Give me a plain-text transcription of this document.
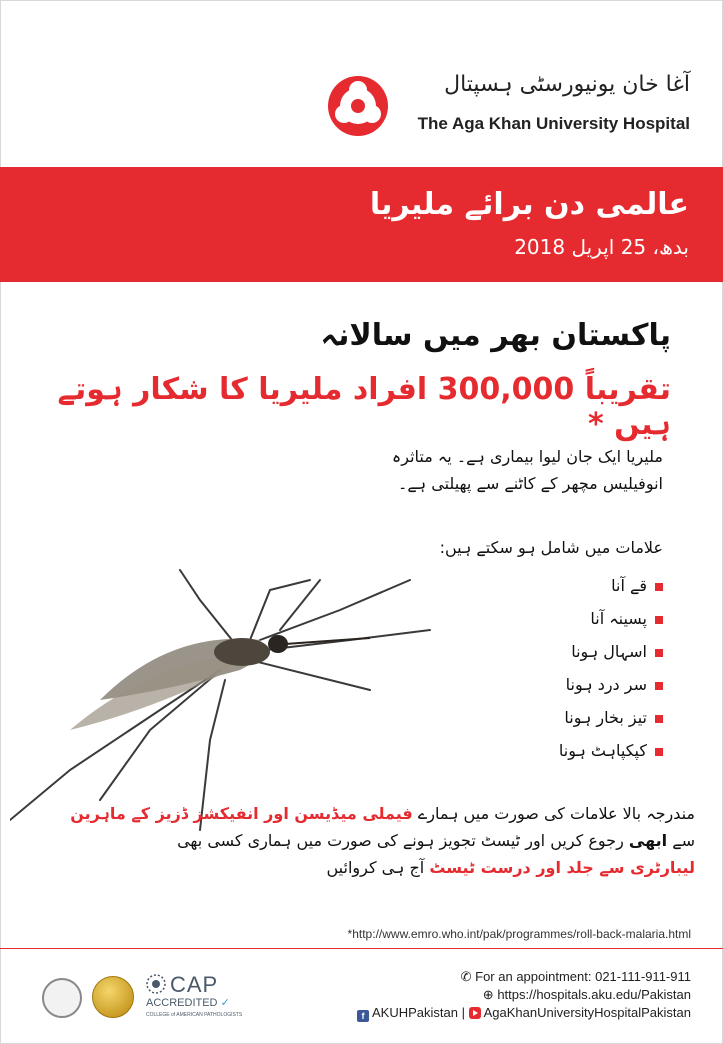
آغا خان یونیورسٹی ہسپتال
The Aga Khan University Hospital
عالمی دن برائے ملیریا
بدھ، 25 اپریل 2018
پاکستان بھر میں سالانہ
تقریباً 300,000 افراد ملیریا کا شکار ہوتے ہیں *
ملیریا ایک جان لیوا بیماری ہے۔ یہ متاثرہ
انوفیلیس مچھر کے کاٹنے سے پھیلتی ہے۔
علامات میں شامل ہو سکتے ہیں:
قے آنا
پسینہ آنا
اسہال ہونا
سر درد ہونا
تیز بخار ہونا
کپکپاہٹ ہونا
مندرجہ بالا علامات کی صورت میں ہمارے فیملی میڈیسن اور انفیکشز ڈزیز کے ماہرین
سے ابھی رجوع کریں اور ٹیسٹ تجویز ہونے کی صورت میں ہماری کسی بھی
لیبارٹری سے جلد اور درست ٹیسٹ آج ہی کروائیں
*http://www.emro.who.int/pak/programmes/roll-back-malaria.html
CAP
ACCREDITED ✓
COLLEGE of AMERICAN PATHOLOGISTS
✆ For an appointment: 021-111-911-911
⊕ https://hospitals.aku.edu/Pakistan
f AKUHPakistan | AgaKhanUniversityHospitalPakistan
